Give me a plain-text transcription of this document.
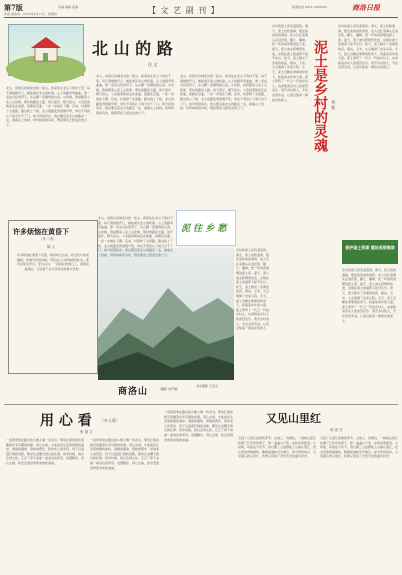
第7版
河南 商洛市 · 2019年4月11日 · 星期四
责编 编辑 美编	【 文 艺 副 刊 】	新闻热线 0914-2386000	商洛日报
北 山 的 路
任 文
北山，是我们县城北边的一座山。我家住在北山下的村子里，每天清晨推开门，就能看见北山的轮廓。山上的路弯弯曲曲，像一条灰白色的带子，从山脚一直缠绕到山顶。小时候，我常跟着父亲上山砍柴，那时的路是土路，雨天泥泞，晴天扬尘。父亲挑着柴担走在前面，我跟在后面，一步一步地往下挪。后来，村里修了水泥路，路边栽上了树，北山的路变得宽阔平坦，再也不用担心下雨天出不了门。如今回到家乡，我总要沿着北山的路走一走，看看山上的树，听听林间的鸟叫，想起那些已经远去的日子。
北山，是我们县城北边的一座山。我家住在北山下的村子里，每天清晨推开门，就能看见北山的轮廓。山上的路弯弯曲曲，像一条灰白色的带子，从山脚一直缠绕到山顶。小时候，我常跟着父亲上山砍柴，那时的路是土路，雨天泥泞，晴天扬尘。父亲挑着柴担走在前面，我跟在后面，一步一步地往下挪。后来，村里修了水泥路，路边栽上了树，北山的路变得宽阔平坦，再也不用担心下雨天出不了门。如今回到家乡，我总要沿着北山的路走一走，看看山上的树，听听林间的鸟叫，想起那些已经远去的日子。
北山，是我们县城北边的一座山。我家住在北山下的村子里，每天清晨推开门，就能看见北山的轮廓。山上的路弯弯曲曲，像一条灰白色的带子，从山脚一直缠绕到山顶。小时候，我常跟着父亲上山砍柴，那时的路是土路，雨天泥泞，晴天扬尘。父亲挑着柴担走在前面，我跟在后面，一步一步地往下挪。后来，村里修了水泥路，路边栽上了树，北山的路变得宽阔平坦，再也不用担心下雨天出不了门。如今回到家乡，我总要沿着北山的路走一走，看看山上的树，听听林间的鸟叫，想起那些已经远去的日子。
泥 往 乡 愁
许多烦恼在黄昏下
（外二首）
陈 人
许多烦恼在黄昏下沉落，晚风吹过山岗，吹过村口的老槐树。炊烟升起的时候，母亲在门口呼唤我的乳名。那声音穿过岁月，穿过山川，一直落在我的心上。黄昏是温柔的，它收留了白天所有的疲惫与忧愁。
商洛山	（摄影 刘严摄）
刘永摄影 王若言
北山，是我们县城北边的一座山。我家住在北山下的村子里，每天清晨推开门，就能看见北山的轮廓。山上的路弯弯曲曲，像一条灰白色的带子，从山脚一直缠绕到山顶。小时候，我常跟着父亲上山砍柴，那时的路是土路，雨天泥泞，晴天扬尘。父亲挑着柴担走在前面，我跟在后面，一步一步地往下挪。后来，村里修了水泥路，路边栽上了树，北山的路变得宽阔平坦，再也不用担心下雨天出不了门。如今回到家乡，我总要沿着北山的路走一走，看看山上的树，听听林间的鸟叫，想起那些已经远去的日子。
乡村的泥土是有温度的。春天，泥土松软湿润，散发着淡淡的清香，农人们扛着锄头走进田里，翻土、播种，把一年的希望埋进泥土里。夏天，泥土被太阳晒得发烫，庄稼在泥土的滋养下拔节生长。秋天，泥土献出了金黄的收获，稻谷、玉米、大豆堆满了农家小院。冬天，泥土沉睡在厚厚的积雪下，积蓄着来年的力量。泥土养育了一代又一代的乡村人，也承载着乡村人的喜怒哀乐。离开乡村的人，无论走得多远，心里总装着一捧故乡的泥土。
乡村的泥土是有温度的。春天，泥土松软湿润，散发着淡淡的清香，农人们扛着锄头走进田里，翻土、播种，把一年的希望埋进泥土里。夏天，泥土被太阳晒得发烫，庄稼在泥土的滋养下拔节生长。秋天，泥土献出了金黄的收获，稻谷、玉米、大豆堆满了农家小院。冬天，泥土沉睡在厚厚的积雪下，积蓄着来年的力量。泥土养育了一代又一代的乡村人，也承载着乡村人的喜怒哀乐。离开乡村的人，无论走得多远，心里总装着一捧故乡的泥土。	泥土是乡村的灵魂 刘 强
乡村的泥土是有温度的。春天，泥土松软湿润，散发着淡淡的清香，农人们扛着锄头走进田里，翻土、播种，把一年的希望埋进泥土里。夏天，泥土被太阳晒得发烫，庄稼在泥土的滋养下拔节生长。秋天，泥土献出了金黄的收获，稻谷、玉米、大豆堆满了农家小院。冬天，泥土沉睡在厚厚的积雪下，积蓄着来年的力量。泥土养育了一代又一代的乡村人，也承载着乡村人的喜怒哀乐。离开乡村的人，无论走得多远，心里总装着一捧故乡的泥土。
保护国土资源 建设美丽商洛
乡村的泥土是有温度的。春天，泥土松软湿润，散发着淡淡的清香，农人们扛着锄头走进田里，翻土、播种，把一年的希望埋进泥土里。夏天，泥土被太阳晒得发烫，庄稼在泥土的滋养下拔节生长。秋天，泥土献出了金黄的收获，稻谷、玉米、大豆堆满了农家小院。冬天，泥土沉睡在厚厚的积雪下，积蓄着来年的力量。泥土养育了一代又一代的乡村人，也承载着乡村人的喜怒哀乐。离开乡村的人，无论走得多远，心里总装着一捧故乡的泥土。
用 心 看 （外五篇）
张 德 文
一直很喜欢在路边的小摊上淘一些旧书，那些泛黄的纸页里藏着许多有趣的故事。用心去看，才能看见生活里细微的美好。清晨的露珠、傍晚的霞光、街角老人的笑容、孩子们追逐打闹的身影，都是生活赠予我们的礼物。很多时候，我们走得太快，忘记了停下来看一看身边的风景。放慢脚步，用心去看，你会发现世界原来如此美丽。
一直很喜欢在路边的小摊上淘一些旧书，那些泛黄的纸页里藏着许多有趣的故事。用心去看，才能看见生活里细微的美好。清晨的露珠、傍晚的霞光、街角老人的笑容、孩子们追逐打闹的身影，都是生活赠予我们的礼物。很多时候，我们走得太快，忘记了停下来看一看身边的风景。放慢脚步，用心去看，你会发现世界原来如此美丽。
一直很喜欢在路边的小摊上淘一些旧书，那些泛黄的纸页里藏着许多有趣的故事。用心去看，才能看见生活里细微的美好。清晨的露珠、傍晚的霞光、街角老人的笑容、孩子们追逐打闹的身影，都是生活赠予我们的礼物。很多时候，我们走得太快，忘记了停下来看一看身边的风景。放慢脚步，用心去看，你会发现世界原来如此美丽。
又见山里红
郭 贵 宏
又到了山里红成熟的季节。山坡上、沟渠边，一树树山里红挂满了红彤彤的果子，像一盏盏小灯笼，在秋风里摇曳。小时候，每到这个时节，我们便三五成群地上山摘山里红，把衣兜装得满满的，酸甜的滋味至今难忘。如今再回故乡，又见满山的山里红，仿佛又回到了无忧无虑的童年时光。
又到了山里红成熟的季节。山坡上、沟渠边，一树树山里红挂满了红彤彤的果子，像一盏盏小灯笼，在秋风里摇曳。小时候，每到这个时节，我们便三五成群地上山摘山里红，把衣兜装得满满的，酸甜的滋味至今难忘。如今再回故乡，又见满山的山里红，仿佛又回到了无忧无虑的童年时光。
